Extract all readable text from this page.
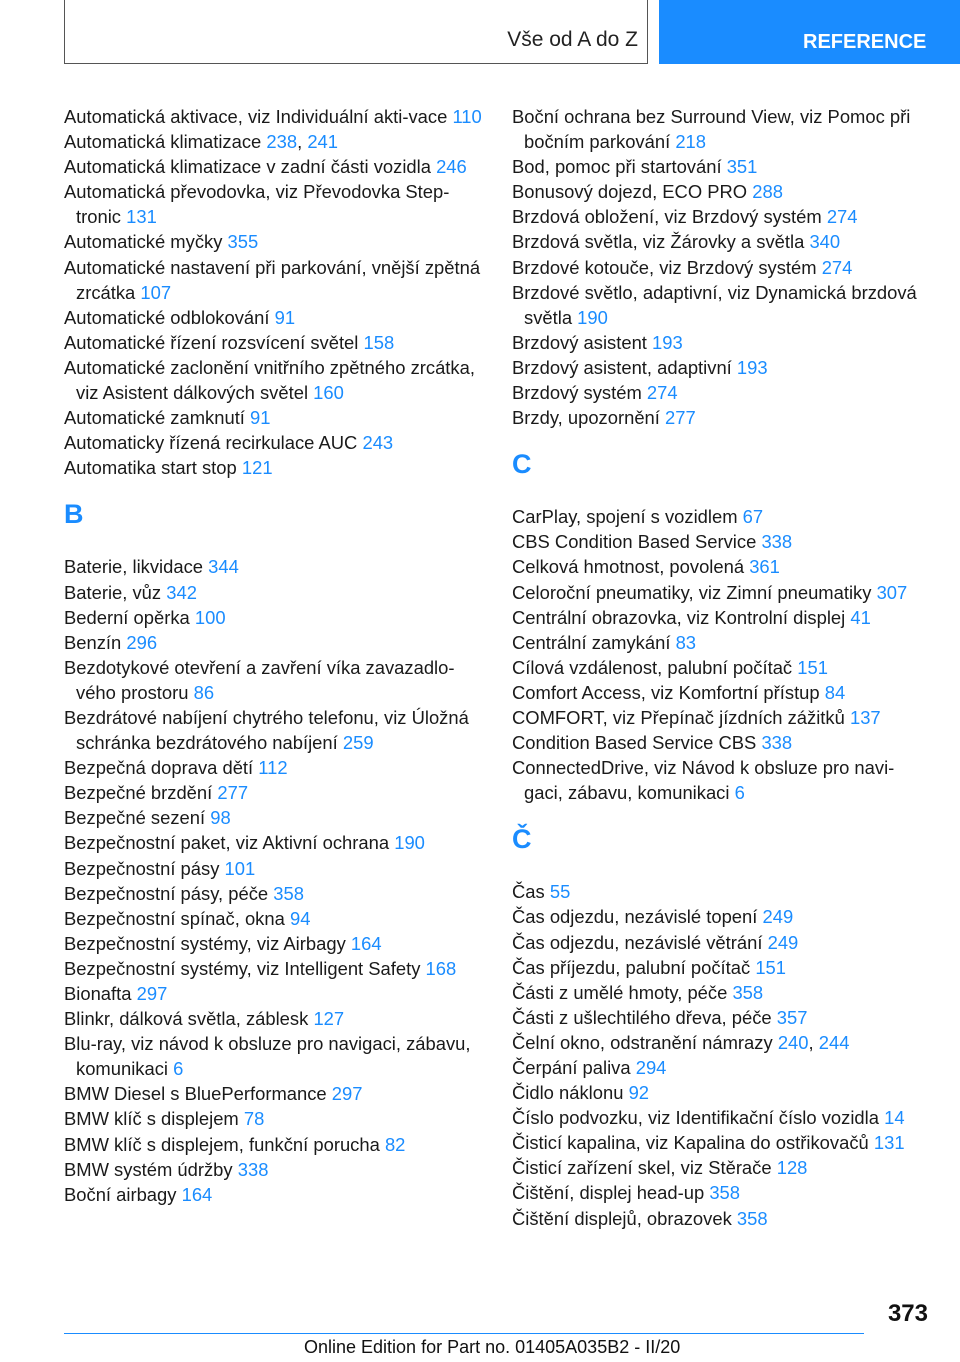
Vše od A do Z	REFERENCE
Automatická aktivace, viz Individuální akti-vace 110
Automatická klimatizace 238, 241
Automatická klimatizace v zadní části vozidla 246
Automatická převodovka, viz Převodovka Step-tronic 131
Automatické myčky 355
Automatické nastavení při parkování, vnější zpětná zrcátka 107
Automatické odblokování 91
Automatické řízení rozsvícení světel 158
Automatické zaclonění vnitřního zpětného zrcátka, viz Asistent dálkových světel 160
Automatické zamknutí 91
Automaticky řízená recirkulace AUC 243
Automatika start stop 121
B
Baterie, likvidace 344
Baterie, vůz 342
Bederní opěrka 100
Benzín 296
Bezdotykové otevření a zavření víka zavazadlo-vého prostoru 86
Bezdrátové nabíjení chytrého telefonu, viz Úložná schránka bezdrátového nabíjení 259
Bezpečná doprava dětí 112
Bezpečné brzdění 277
Bezpečné sezení 98
Bezpečnostní paket, viz Aktivní ochrana 190
Bezpečnostní pásy 101
Bezpečnostní pásy, péče 358
Bezpečnostní spínač, okna 94
Bezpečnostní systémy, viz Airbagy 164
Bezpečnostní systémy, viz Intelligent Safety 168
Bionafta 297
Blinkr, dálková světla, záblesk 127
Blu-ray, viz návod k obsluze pro navigaci, zábavu, komunikaci 6
BMW Diesel s BluePerformance 297
BMW klíč s displejem 78
BMW klíč s displejem, funkční porucha 82
BMW systém údržby 338
Boční airbagy 164
Boční ochrana bez Surround View, viz Pomoc při bočním parkování 218
Bod, pomoc při startování 351
Bonusový dojezd, ECO PRO 288
Brzdová obložení, viz Brzdový systém 274
Brzdová světla, viz Žárovky a světla 340
Brzdové kotouče, viz Brzdový systém 274
Brzdové světlo, adaptivní, viz Dynamická brzdová světla 190
Brzdový asistent 193
Brzdový asistent, adaptivní 193
Brzdový systém 274
Brzdy, upozornění 277
C
CarPlay, spojení s vozidlem 67
CBS Condition Based Service 338
Celková hmotnost, povolená 361
Celoroční pneumatiky, viz Zimní pneumatiky 307
Centrální obrazovka, viz Kontrolní displej 41
Centrální zamykání 83
Cílová vzdálenost, palubní počítač 151
Comfort Access, viz Komfortní přístup 84
COMFORT, viz Přepínač jízdních zážitků 137
Condition Based Service CBS 338
ConnectedDrive, viz Návod k obsluze pro navi-gaci, zábavu, komunikaci 6
Č
Čas 55
Čas odjezdu, nezávislé topení 249
Čas odjezdu, nezávislé větrání 249
Čas příjezdu, palubní počítač 151
Části z umělé hmoty, péče 358
Části z ušlechtilého dřeva, péče 357
Čelní okno, odstranění námrazy 240, 244
Čerpání paliva 294
Čidlo náklonu 92
Číslo podvozku, viz Identifikační číslo vozidla 14
Čisticí kapalina, viz Kapalina do ostřikovačů 131
Čisticí zařízení skel, viz Stěrače 128
Čištění, displej head-up 358
Čištění displejů, obrazovek 358
373
Online Edition for Part no. 01405A035B2 - II/20
